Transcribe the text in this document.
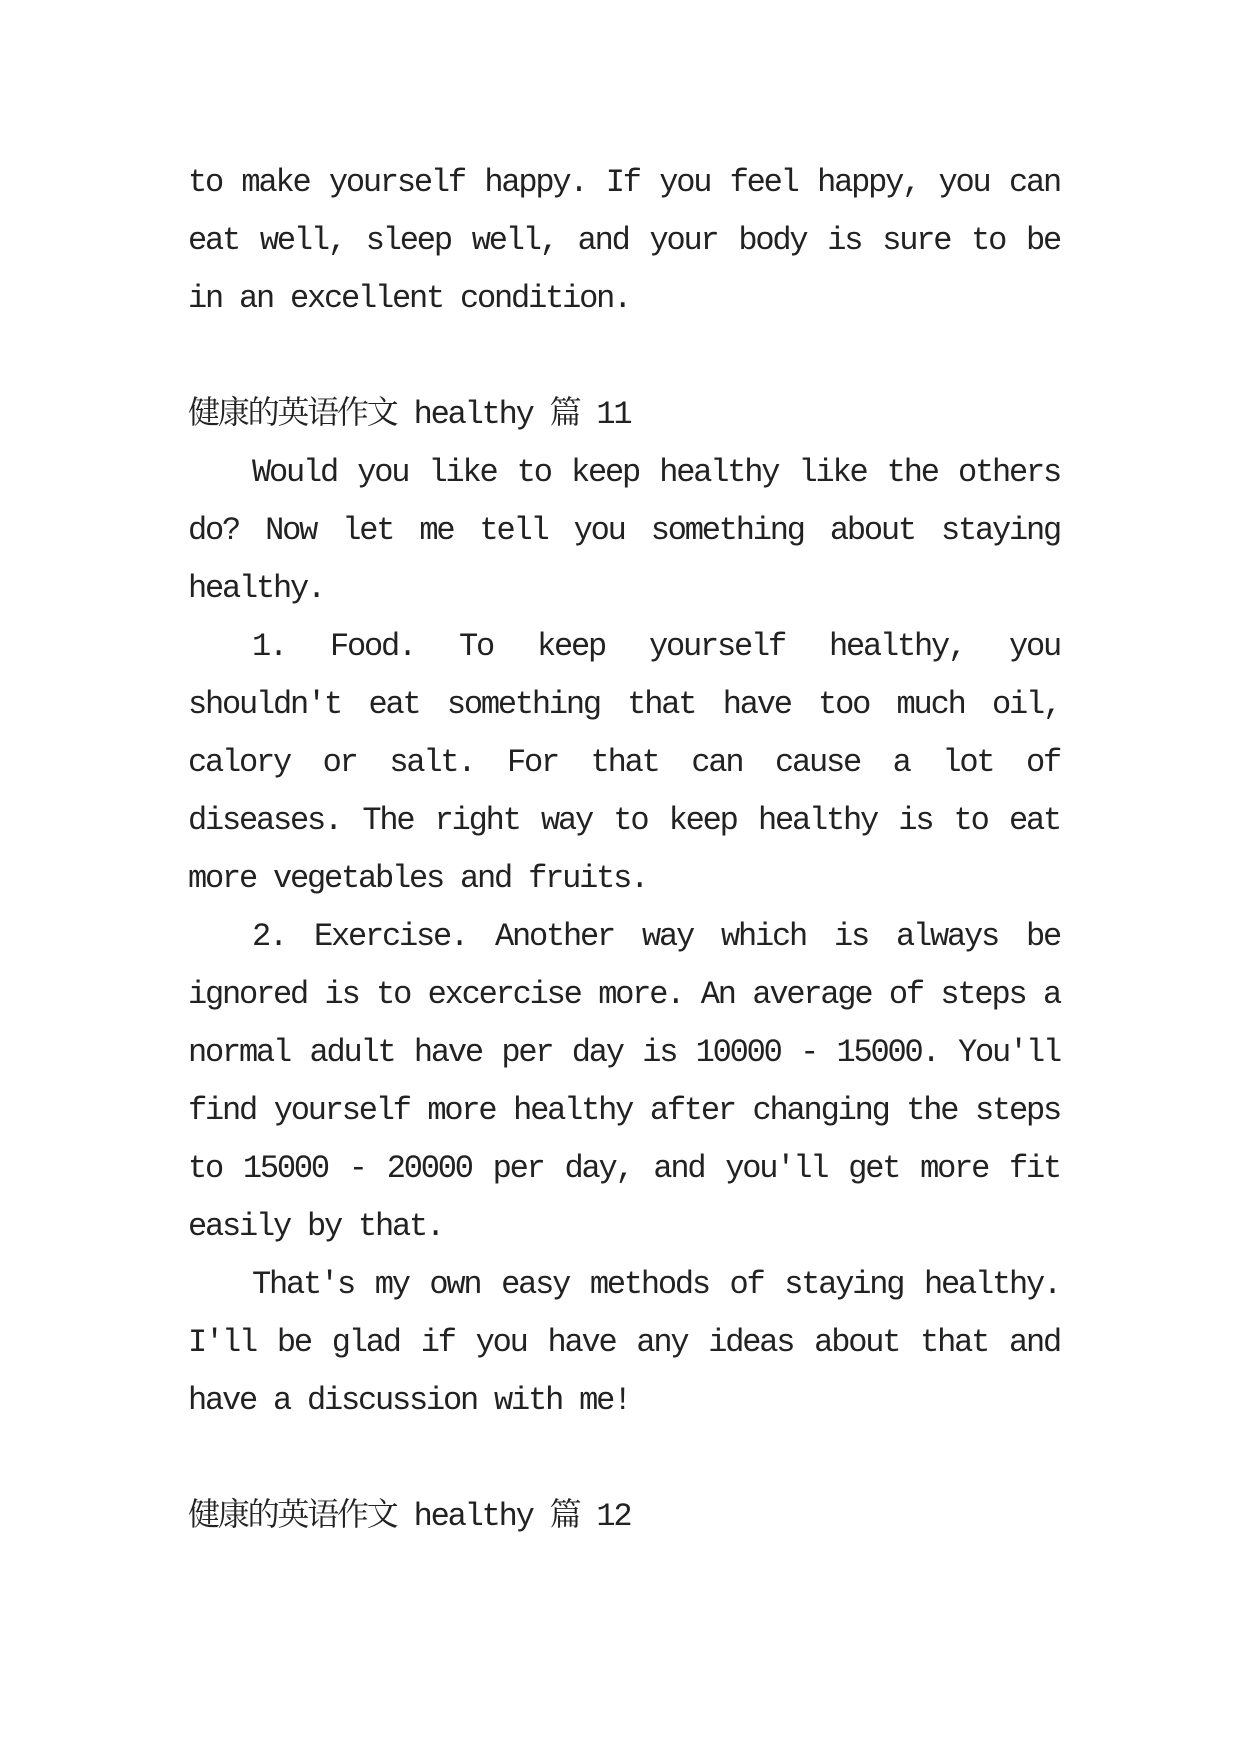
to make yourself happy. If you feel happy, you can eat well, sleep well, and your body is sure to be in an excellent condition.

健康的英语作文 healthy 篇 11

Would you like to keep healthy like the others do? Now let me tell you something about staying healthy.

1. Food. To keep yourself healthy, you shouldn't eat something that have too much oil, calory or salt. For that can cause a lot of diseases. The right way to keep healthy is to eat more vegetables and fruits.

2. Exercise. Another way which is always be ignored is to excercise more. An average of steps a normal adult have per day is 10000 - 15000. You'll find yourself more healthy after changing the steps to 15000 - 20000 per day, and you'll get more fit easily by that.

That's my own easy methods of staying healthy. I'll be glad if you have any ideas about that and have a discussion with me!

健康的英语作文 healthy 篇 12
